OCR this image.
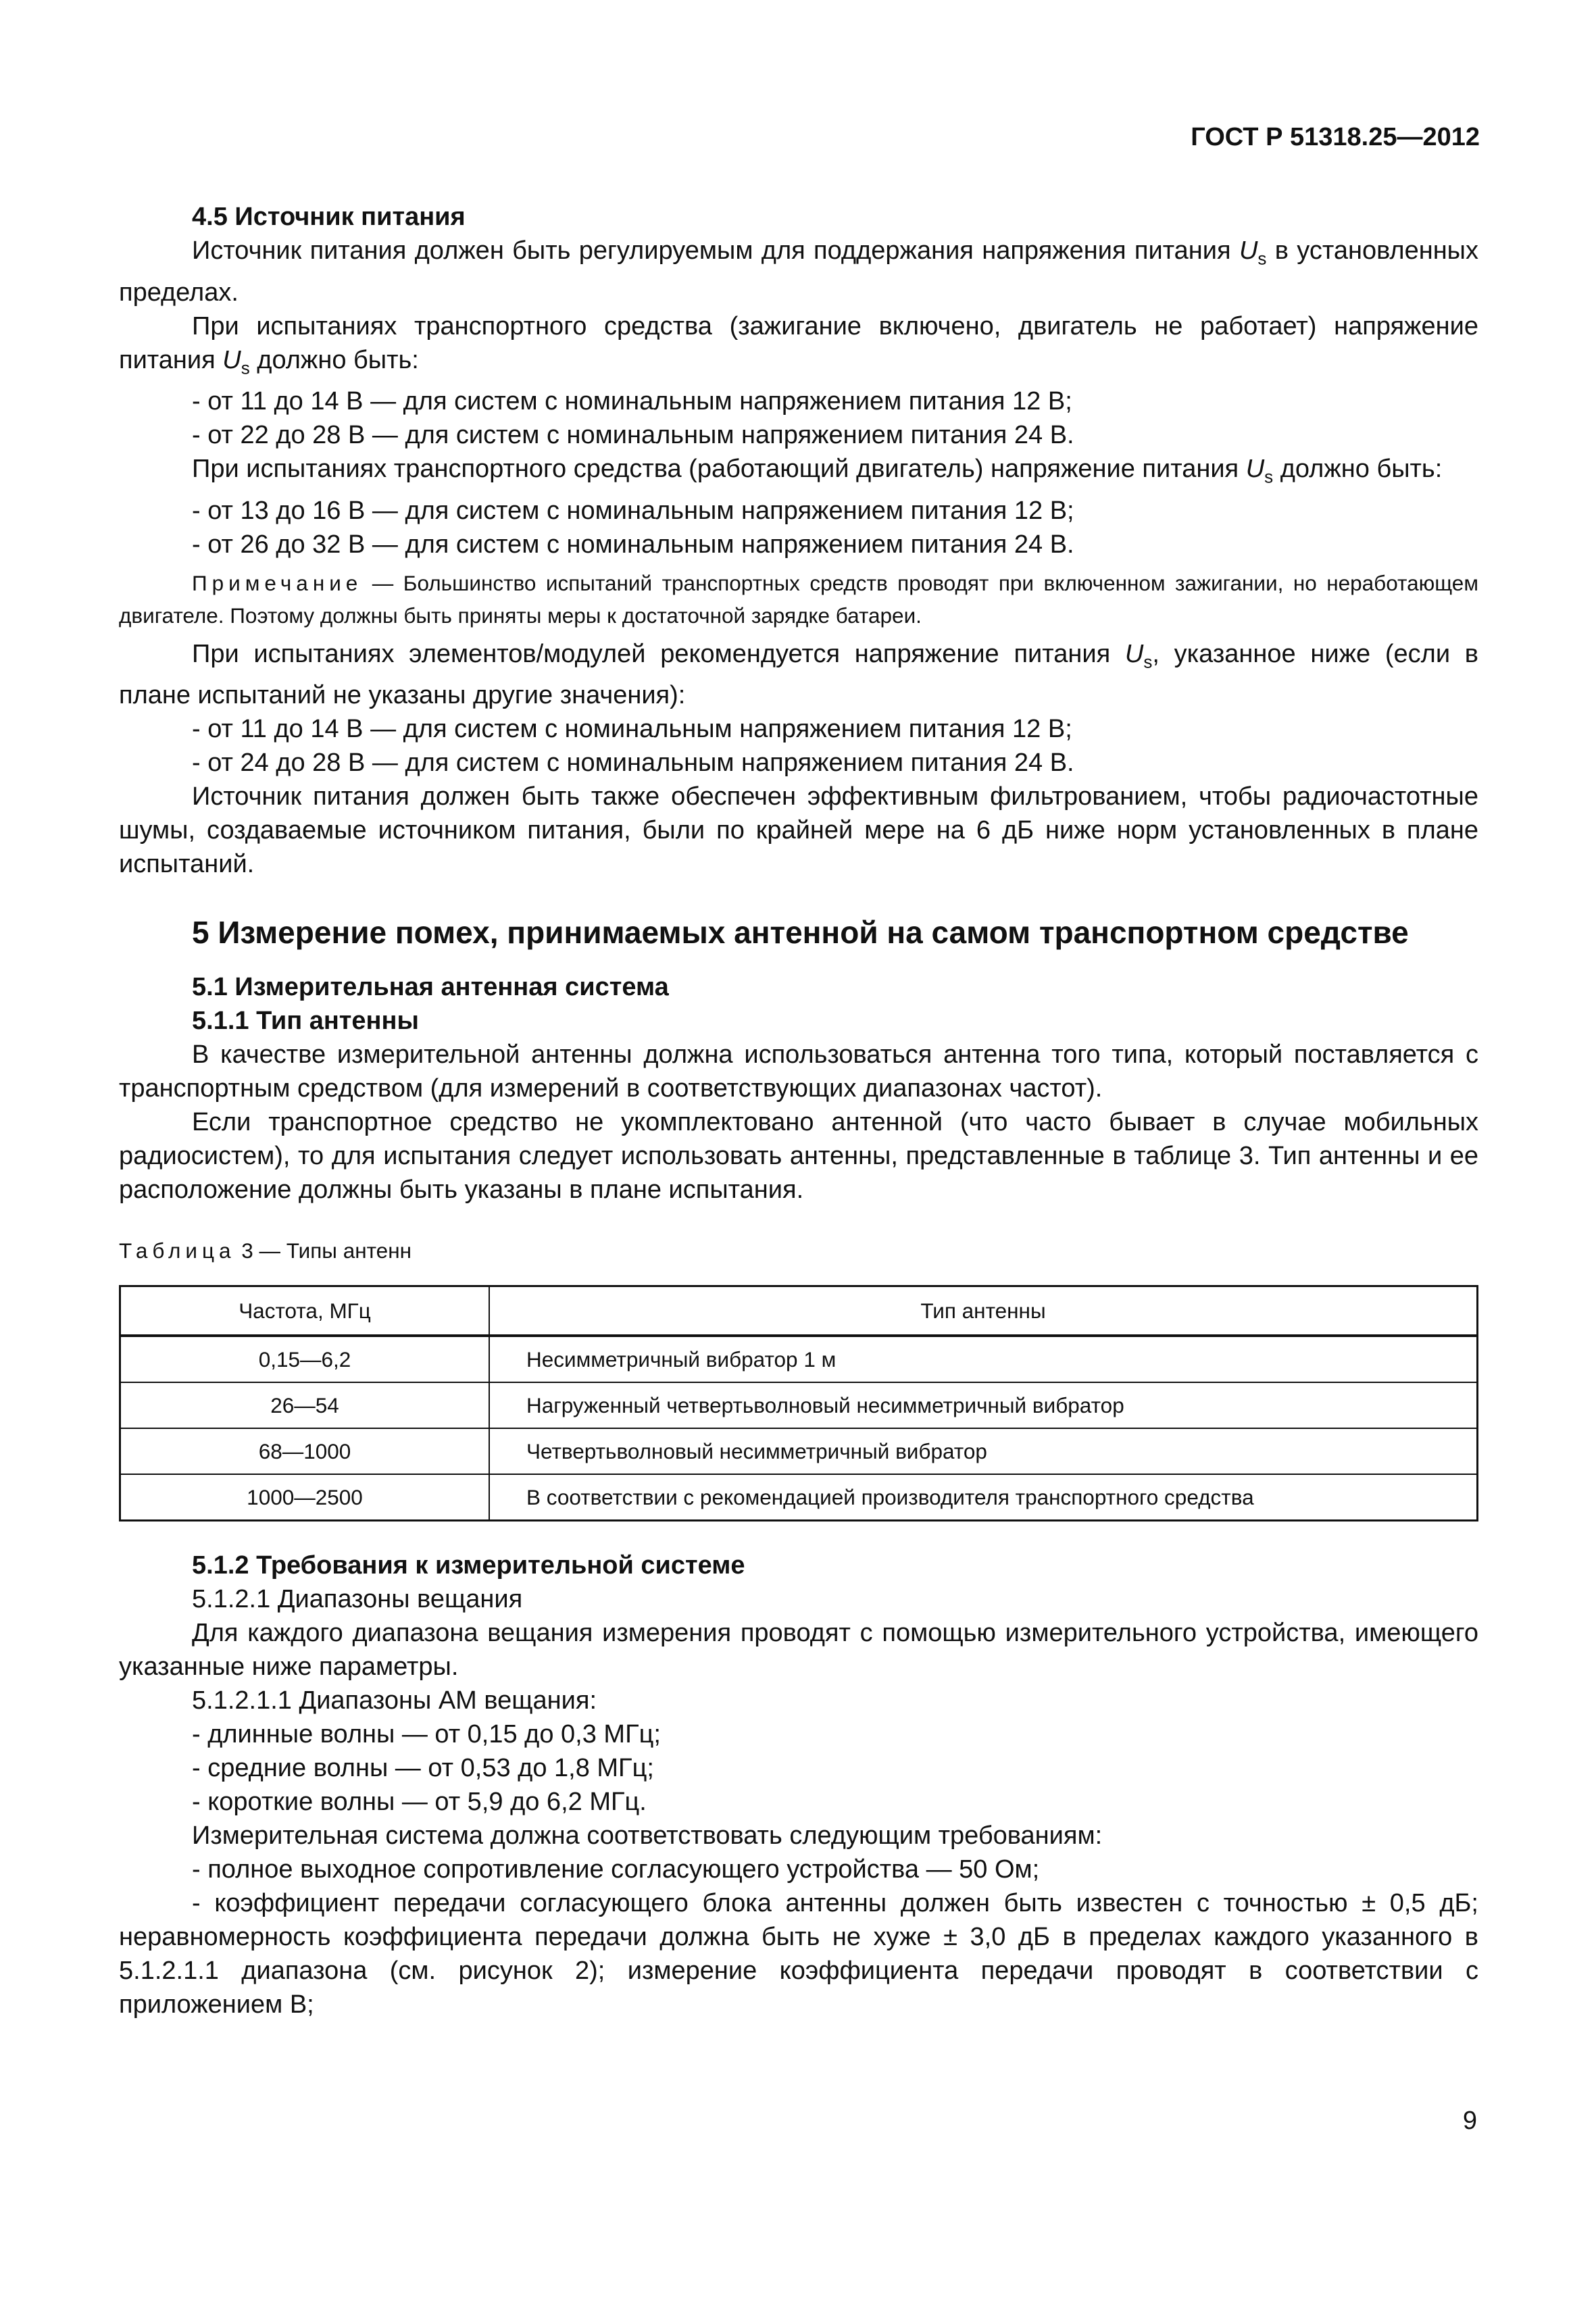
ГОСТ Р 51318.25—2012
4.5 Источник питания
Источник питания должен быть регулируемым для поддержания напряжения питания $U_s$ в установленных пределах.
При испытаниях транспортного средства (зажигание включено, двигатель не работает) напряжение питания $U_s$ должно быть:
- от 11 до 14 В — для систем с номинальным напряжением питания 12 В;
- от 22 до 28 В — для систем с номинальным напряжением питания 24 В.
При испытаниях транспортного средства (работающий двигатель) напряжение питания $U_s$ должно быть:
- от 13 до 16 В — для систем с номинальным напряжением питания 12 В;
- от 26 до 32 В — для систем с номинальным напряжением питания 24 В.
Примечание — Большинство испытаний транспортных средств проводят при включенном зажигании, но неработающем двигателе. Поэтому должны быть приняты меры к достаточной зарядке батареи.
При испытаниях элементов/модулей рекомендуется напряжение питания $U_s$, указанное ниже (если в плане испытаний не указаны другие значения):
- от 11 до 14 В — для систем с номинальным напряжением питания 12 В;
- от 24 до 28 В — для систем с номинальным напряжением питания 24 В.
Источник питания должен быть также обеспечен эффективным фильтрованием, чтобы радиочастотные шумы, создаваемые источником питания, были по крайней мере на 6 дБ ниже норм установленных в плане испытаний.
5 Измерение помех, принимаемых антенной на самом транспортном средстве
5.1 Измерительная антенная система
5.1.1 Тип антенны
В качестве измерительной антенны должна использоваться антенна того типа, который поставляется с транспортным средством (для измерений в соответствующих диапазонах частот).
Если транспортное средство не укомплектовано антенной (что часто бывает в случае мобильных радиосистем), то для испытания следует использовать антенны, представленные в таблице 3. Тип антенны и ее расположение должны быть указаны в плане испытания.
Таблица 3 — Типы антенн
Частота, МГц	Тип антенны
0,15—6,2	Несимметричный вибратор 1 м
26—54	Нагруженный четвертьволновый несимметричный вибратор
68—1000	Четвертьволновый несимметричный вибратор
1000—2500	В соответствии с рекомендацией производителя транспортного средства
5.1.2 Требования к измерительной системе
5.1.2.1 Диапазоны вещания
Для каждого диапазона вещания измерения проводят с помощью измерительного устройства, имеющего указанные ниже параметры.
5.1.2.1.1 Диапазоны АМ вещания:
- длинные волны — от 0,15 до 0,3 МГц;
- средние волны — от 0,53 до 1,8 МГц;
- короткие волны — от 5,9 до 6,2 МГц.
Измерительная система должна соответствовать следующим требованиям:
- полное выходное сопротивление согласующего устройства — 50 Ом;
- коэффициент передачи согласующего блока антенны должен быть известен с точностью ± 0,5 дБ; неравномерность коэффициента передачи должна быть не хуже ± 3,0 дБ в пределах каждого указанного в 5.1.2.1.1 диапазона (см. рисунок 2); измерение коэффициента передачи проводят в соответствии с приложением В;
9
